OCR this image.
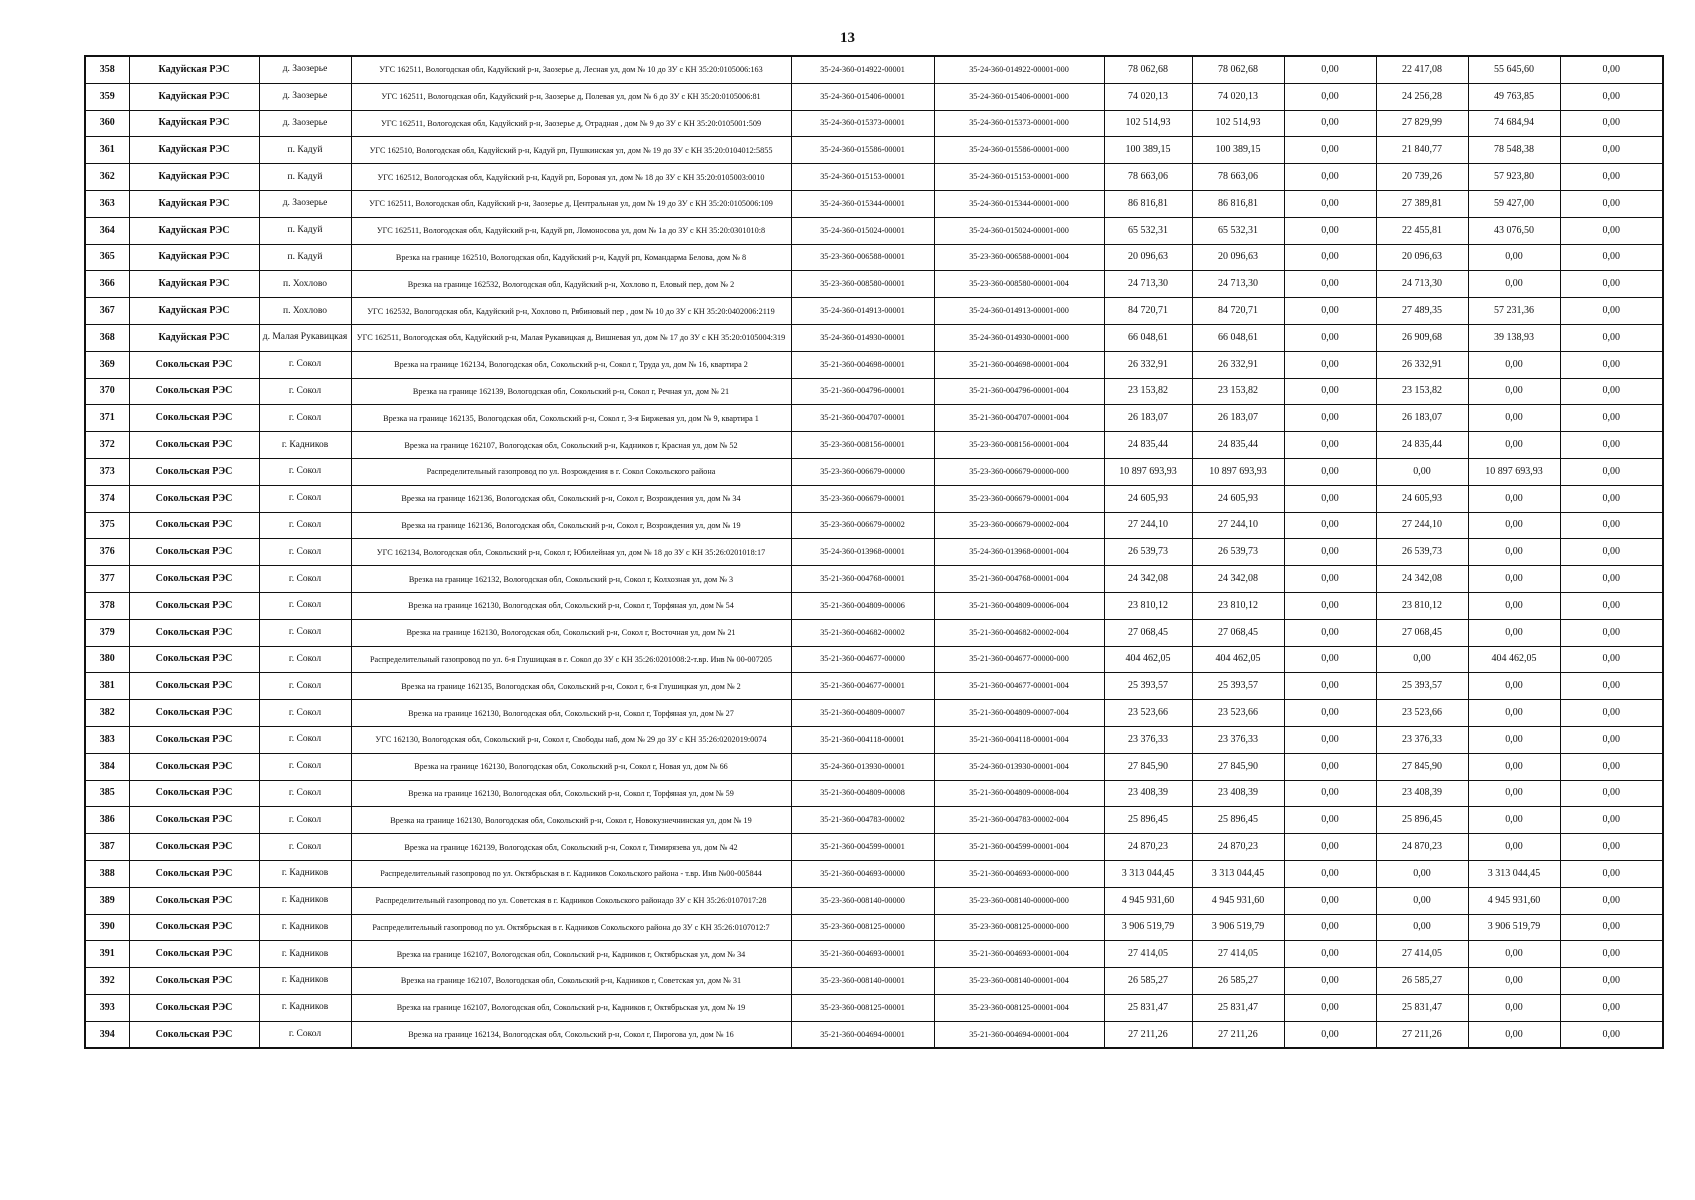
13
358	Кадуйская РЭС	д. Заозерье	УГС 162511, Вологодская обл, Кадуйский р-н, Заозерье д, Лесная ул, дом № 10 до ЗУ с КН 35:20:0105006:163	35-24-360-014922-00001	35-24-360-014922-00001-000	78 062,68	78 062,68	0,00	22 417,08	55 645,60	0,00
359	Кадуйская РЭС	д. Заозерье	УГС 162511, Вологодская обл, Кадуйский р-н, Заозерье д, Полевая ул, дом № 6 до ЗУ с КН 35:20:0105006:81	35-24-360-015406-00001	35-24-360-015406-00001-000	74 020,13	74 020,13	0,00	24 256,28	49 763,85	0,00
360	Кадуйская РЭС	д. Заозерье	УГС 162511, Вологодская обл, Кадуйский р-н, Заозерье д, Отрадная , дом № 9 до ЗУ с КН 35:20:0105001:509	35-24-360-015373-00001	35-24-360-015373-00001-000	102 514,93	102 514,93	0,00	27 829,99	74 684,94	0,00
361	Кадуйская РЭС	п. Кадуй	УГС 162510, Вологодская обл, Кадуйский р-н, Кадуй рп, Пушкинская ул, дом № 19 до ЗУ с КН 35:20:0104012:5855	35-24-360-015586-00001	35-24-360-015586-00001-000	100 389,15	100 389,15	0,00	21 840,77	78 548,38	0,00
362	Кадуйская РЭС	п. Кадуй	УГС 162512, Вологодская обл, Кадуйский р-н, Кадуй рп, Боровая ул, дом № 18 до ЗУ с КН 35:20:0105003:0010	35-24-360-015153-00001	35-24-360-015153-00001-000	78 663,06	78 663,06	0,00	20 739,26	57 923,80	0,00
363	Кадуйская РЭС	д. Заозерье	УГС 162511, Вологодская обл, Кадуйский р-н, Заозерье д, Центральная ул, дом № 19 до ЗУ с КН 35:20:0105006:109	35-24-360-015344-00001	35-24-360-015344-00001-000	86 816,81	86 816,81	0,00	27 389,81	59 427,00	0,00
364	Кадуйская РЭС	п. Кадуй	УГС 162511, Вологодская обл, Кадуйский р-н, Кадуй рп, Ломоносова ул, дом № 1а до ЗУ с КН 35:20:0301010:8	35-24-360-015024-00001	35-24-360-015024-00001-000	65 532,31	65 532,31	0,00	22 455,81	43 076,50	0,00
365	Кадуйская РЭС	п. Кадуй	Врезка на границе 162510, Вологодская обл, Кадуйский р-н, Кадуй рп, Командарма Белова, дом № 8	35-23-360-006588-00001	35-23-360-006588-00001-004	20 096,63	20 096,63	0,00	20 096,63	0,00	0,00
366	Кадуйская РЭС	п. Хохлово	Врезка на границе 162532, Вологодская обл, Кадуйский р-н, Хохлово п, Еловый пер, дом № 2	35-23-360-008580-00001	35-23-360-008580-00001-004	24 713,30	24 713,30	0,00	24 713,30	0,00	0,00
367	Кадуйская РЭС	п. Хохлово	УГС 162532, Вологодская обл, Кадуйский р-н, Хохлово п, Рябиновый пер , дом № 10 до ЗУ с КН 35:20:0402006:2119	35-24-360-014913-00001	35-24-360-014913-00001-000	84 720,71	84 720,71	0,00	27 489,35	57 231,36	0,00
368	Кадуйская РЭС	д. Малая Рукавицкая	УГС 162511, Вологодская обл, Кадуйский р-н, Малая Рукавицкая д, Вишневая ул, дом № 17 до ЗУ с КН 35:20:0105004:319	35-24-360-014930-00001	35-24-360-014930-00001-000	66 048,61	66 048,61	0,00	26 909,68	39 138,93	0,00
369	Сокольская РЭС	г. Сокол	Врезка на границе 162134, Вологодская обл, Сокольский р-н, Сокол г, Труда ул, дом № 16, квартира 2	35-21-360-004698-00001	35-21-360-004698-00001-004	26 332,91	26 332,91	0,00	26 332,91	0,00	0,00
370	Сокольская РЭС	г. Сокол	Врезка на границе 162139, Вологодская обл, Сокольский р-н, Сокол г, Речная ул, дом № 21	35-21-360-004796-00001	35-21-360-004796-00001-004	23 153,82	23 153,82	0,00	23 153,82	0,00	0,00
371	Сокольская РЭС	г. Сокол	Врезка на границе 162135, Вологодская обл, Сокольский р-н, Сокол г, 3-я Биржевая ул, дом № 9, квартира 1	35-21-360-004707-00001	35-21-360-004707-00001-004	26 183,07	26 183,07	0,00	26 183,07	0,00	0,00
372	Сокольская РЭС	г. Кадников	Врезка на границе 162107, Вологодская обл, Сокольский р-н, Кадников г, Красная ул, дом № 52	35-23-360-008156-00001	35-23-360-008156-00001-004	24 835,44	24 835,44	0,00	24 835,44	0,00	0,00
373	Сокольская РЭС	г. Сокол	Распределительный газопровод по ул. Возрождения в г. Сокол Сокольского района	35-23-360-006679-00000	35-23-360-006679-00000-000	10 897 693,93	10 897 693,93	0,00	0,00	10 897 693,93	0,00
374	Сокольская РЭС	г. Сокол	Врезка на границе 162136, Вологодская обл, Сокольский р-н, Сокол г, Возрождения ул, дом № 34	35-23-360-006679-00001	35-23-360-006679-00001-004	24 605,93	24 605,93	0,00	24 605,93	0,00	0,00
375	Сокольская РЭС	г. Сокол	Врезка на границе 162136, Вологодская обл, Сокольский р-н, Сокол г, Возрождения ул, дом № 19	35-23-360-006679-00002	35-23-360-006679-00002-004	27 244,10	27 244,10	0,00	27 244,10	0,00	0,00
376	Сокольская РЭС	г. Сокол	УГС 162134, Вологодская обл, Сокольский р-н, Сокол г, Юбилейная ул, дом № 18 до ЗУ с КН 35:26:0201018:17	35-24-360-013968-00001	35-24-360-013968-00001-004	26 539,73	26 539,73	0,00	26 539,73	0,00	0,00
377	Сокольская РЭС	г. Сокол	Врезка на границе 162132, Вологодская обл, Сокольский р-н, Сокол г, Колхозная ул, дом № 3	35-21-360-004768-00001	35-21-360-004768-00001-004	24 342,08	24 342,08	0,00	24 342,08	0,00	0,00
378	Сокольская РЭС	г. Сокол	Врезка на границе 162130, Вологодская обл, Сокольский р-н, Сокол г, Торфяная ул, дом № 54	35-21-360-004809-00006	35-21-360-004809-00006-004	23 810,12	23 810,12	0,00	23 810,12	0,00	0,00
379	Сокольская РЭС	г. Сокол	Врезка на границе 162130, Вологодская обл, Сокольский р-н, Сокол г, Восточная ул, дом № 21	35-21-360-004682-00002	35-21-360-004682-00002-004	27 068,45	27 068,45	0,00	27 068,45	0,00	0,00
380	Сокольская РЭС	г. Сокол	Распределительный газопровод по ул. 6-я Глушицкая в г. Сокол до ЗУ с КН 35:26:0201008:2-т.вр. Инв № 00-007205	35-21-360-004677-00000	35-21-360-004677-00000-000	404 462,05	404 462,05	0,00	0,00	404 462,05	0,00
381	Сокольская РЭС	г. Сокол	Врезка на границе 162135, Вологодская обл, Сокольский р-н, Сокол г, 6-я Глушицкая ул, дом № 2	35-21-360-004677-00001	35-21-360-004677-00001-004	25 393,57	25 393,57	0,00	25 393,57	0,00	0,00
382	Сокольская РЭС	г. Сокол	Врезка на границе 162130, Вологодская обл, Сокольский р-н, Сокол г, Торфяная ул, дом № 27	35-21-360-004809-00007	35-21-360-004809-00007-004	23 523,66	23 523,66	0,00	23 523,66	0,00	0,00
383	Сокольская РЭС	г. Сокол	УГС 162130, Вологодская обл, Сокольский р-н, Сокол г, Свободы наб, дом № 29 до ЗУ с КН 35:26:0202019:0074	35-21-360-004118-00001	35-21-360-004118-00001-004	23 376,33	23 376,33	0,00	23 376,33	0,00	0,00
384	Сокольская РЭС	г. Сокол	Врезка на границе 162130, Вологодская обл, Сокольский р-н, Сокол г, Новая ул, дом № 66	35-24-360-013930-00001	35-24-360-013930-00001-004	27 845,90	27 845,90	0,00	27 845,90	0,00	0,00
385	Сокольская РЭС	г. Сокол	Врезка на границе 162130, Вологодская обл, Сокольский р-н, Сокол г, Торфяная ул, дом № 59	35-21-360-004809-00008	35-21-360-004809-00008-004	23 408,39	23 408,39	0,00	23 408,39	0,00	0,00
386	Сокольская РЭС	г. Сокол	Врезка на границе 162130, Вологодская обл, Сокольский р-н, Сокол г, Новокузнечнинская ул, дом № 19	35-21-360-004783-00002	35-21-360-004783-00002-004	25 896,45	25 896,45	0,00	25 896,45	0,00	0,00
387	Сокольская РЭС	г. Сокол	Врезка на границе 162139, Вологодская обл, Сокольский р-н, Сокол г, Тимирязева ул, дом № 42	35-21-360-004599-00001	35-21-360-004599-00001-004	24 870,23	24 870,23	0,00	24 870,23	0,00	0,00
388	Сокольская РЭС	г. Кадников	Распределительный газопровод по ул. Октябрьская в г. Кадников Сокольского района - т.вр. Инв №00-005844	35-21-360-004693-00000	35-21-360-004693-00000-000	3 313 044,45	3 313 044,45	0,00	0,00	3 313 044,45	0,00
389	Сокольская РЭС	г. Кадников	Распределительный газопровод по ул. Советская в г. Кадников Сокольского районадо ЗУ с КН 35:26:0107017:28	35-23-360-008140-00000	35-23-360-008140-00000-000	4 945 931,60	4 945 931,60	0,00	0,00	4 945 931,60	0,00
390	Сокольская РЭС	г. Кадников	Распределительный газопровод по ул. Октябрьская в г. Кадников Сокольского района до ЗУ с КН 35:26:0107012:7	35-23-360-008125-00000	35-23-360-008125-00000-000	3 906 519,79	3 906 519,79	0,00	0,00	3 906 519,79	0,00
391	Сокольская РЭС	г. Кадников	Врезка на границе 162107, Вологодская обл, Сокольский р-н, Кадников г, Октябрьская ул, дом № 34	35-21-360-004693-00001	35-21-360-004693-00001-004	27 414,05	27 414,05	0,00	27 414,05	0,00	0,00
392	Сокольская РЭС	г. Кадников	Врезка на границе 162107, Вологодская обл, Сокольский р-н, Кадников г, Советская ул, дом № 31	35-23-360-008140-00001	35-23-360-008140-00001-004	26 585,27	26 585,27	0,00	26 585,27	0,00	0,00
393	Сокольская РЭС	г. Кадников	Врезка на границе 162107, Вологодская обл, Сокольский р-н, Кадников г, Октябрьская ул, дом № 19	35-23-360-008125-00001	35-23-360-008125-00001-004	25 831,47	25 831,47	0,00	25 831,47	0,00	0,00
394	Сокольская РЭС	г. Сокол	Врезка на границе 162134, Вологодская обл, Сокольский р-н, Сокол г, Пирогова ул, дом № 16	35-21-360-004694-00001	35-21-360-004694-00001-004	27 211,26	27 211,26	0,00	27 211,26	0,00	0,00
